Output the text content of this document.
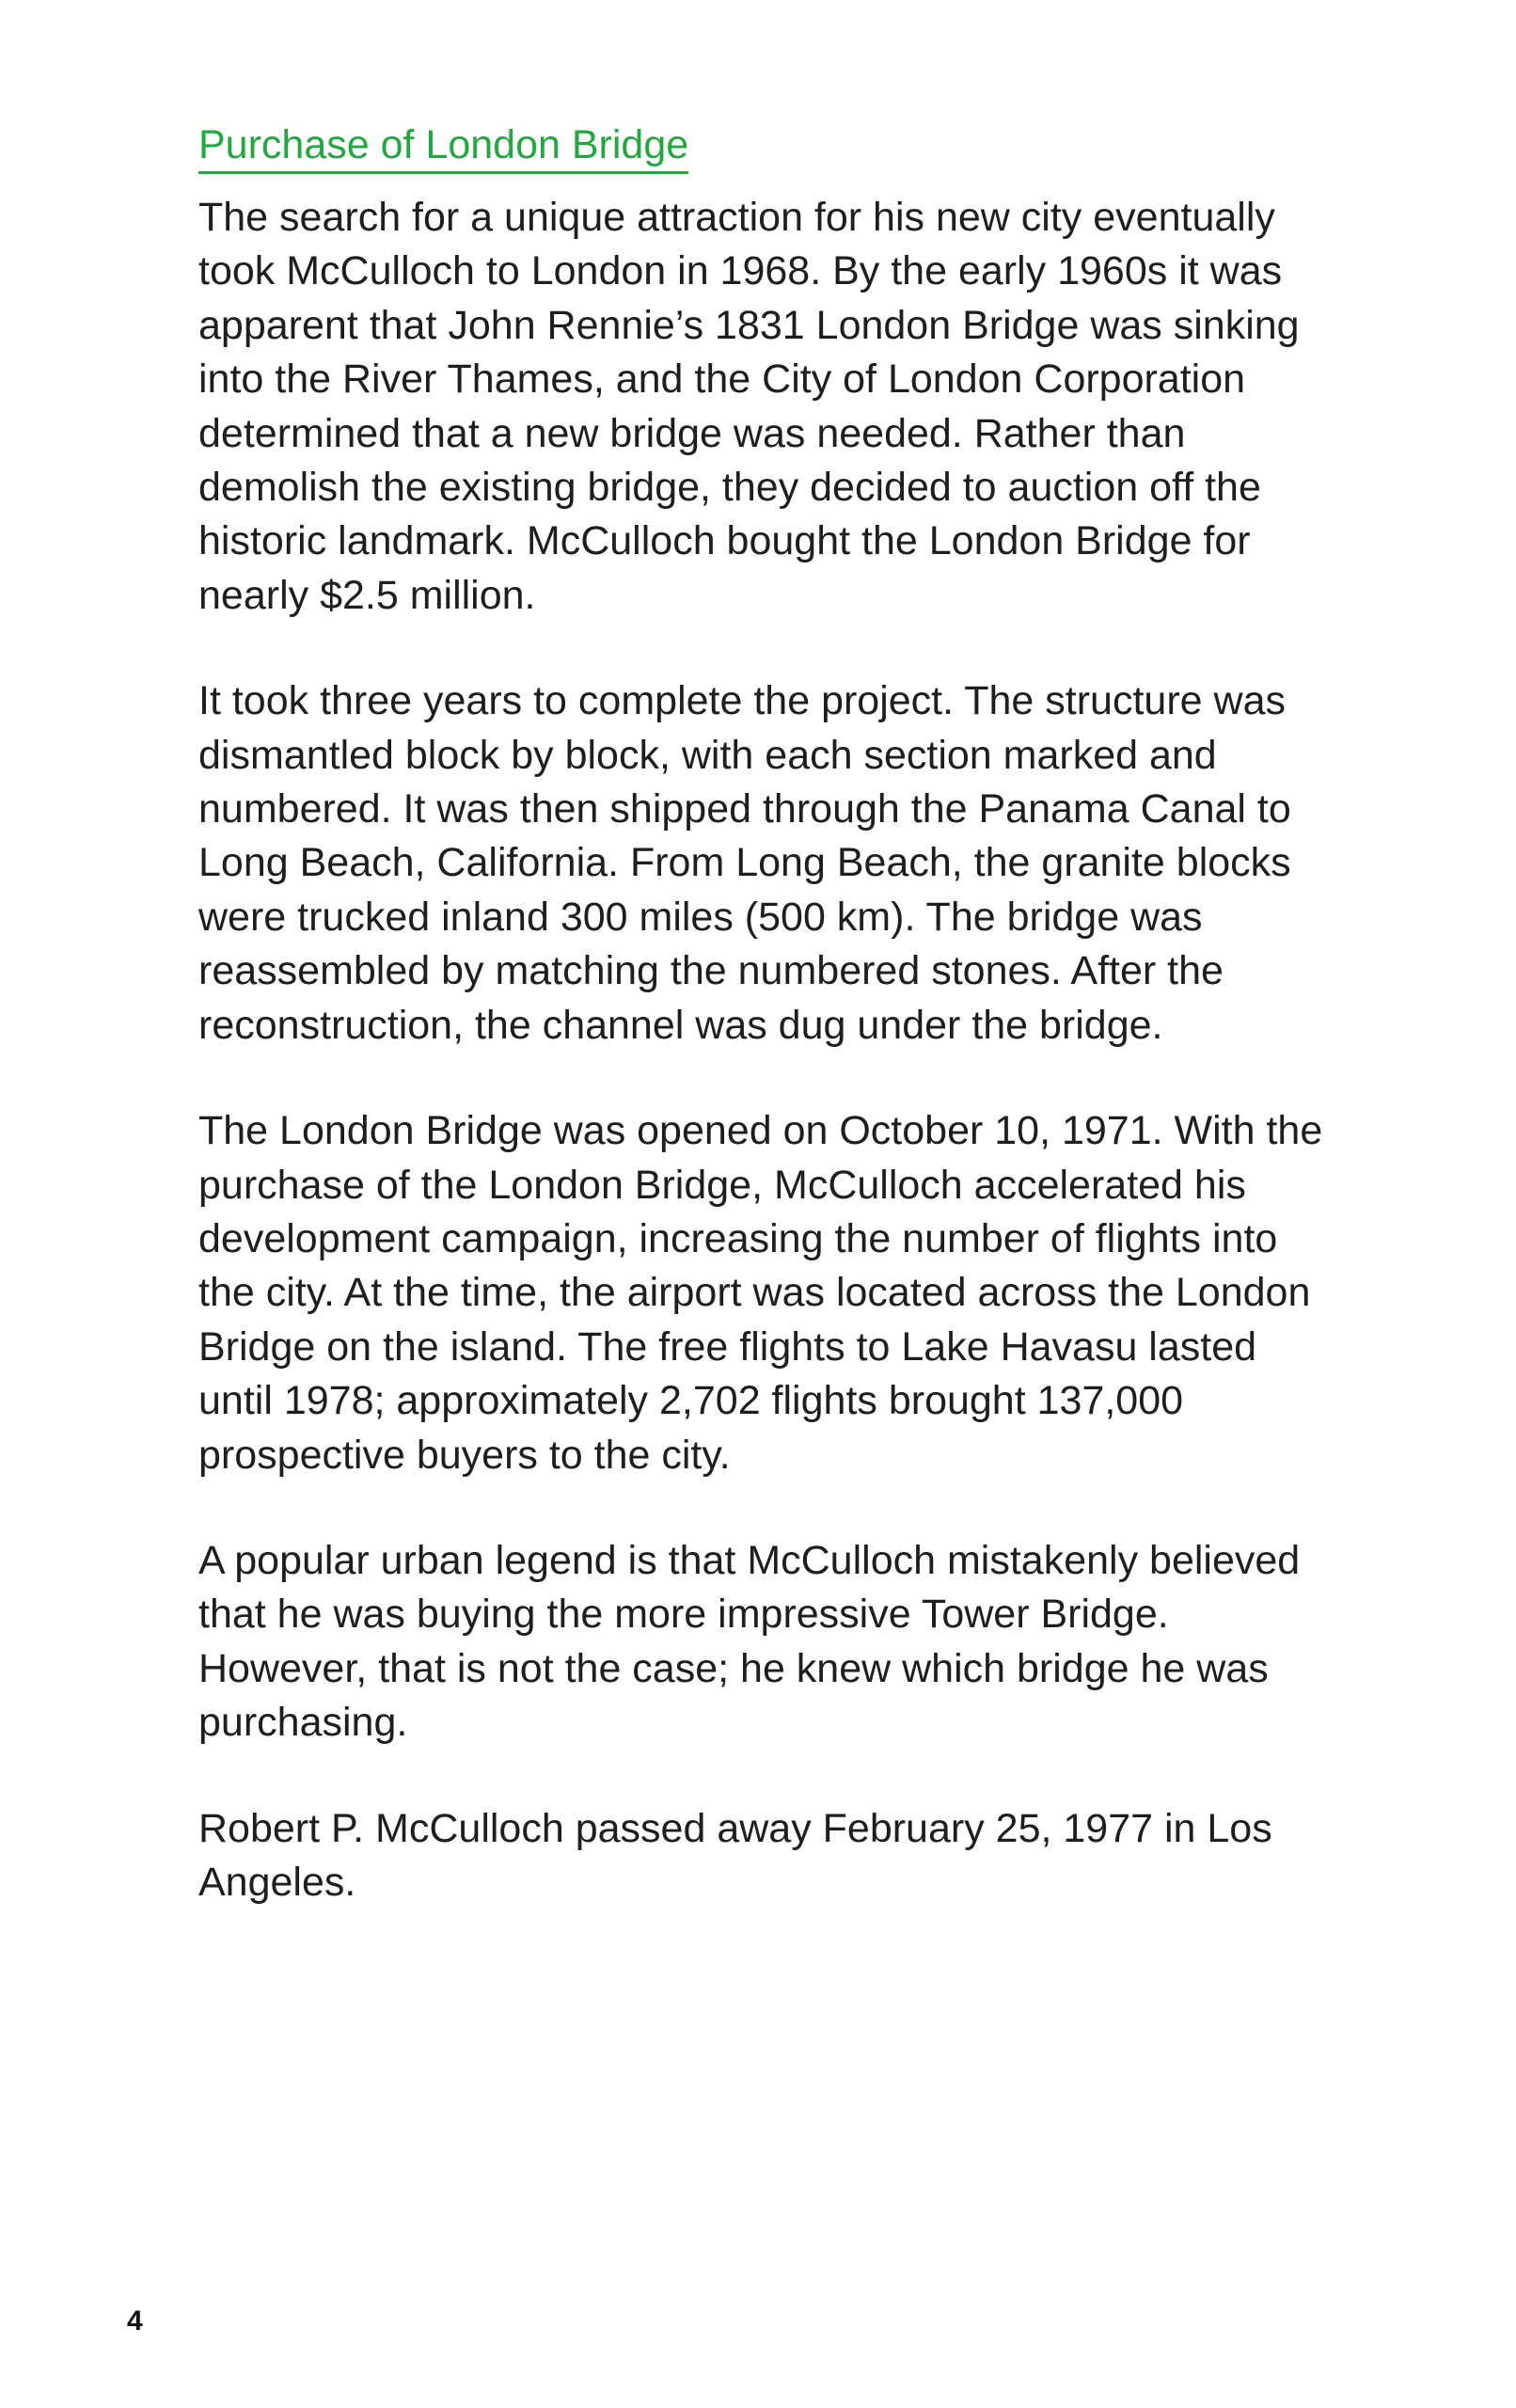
Purchase of London Bridge
The search for a unique attraction for his new city eventually
took McCulloch to London in 1968. By the early 1960s it was
apparent that John Rennie’s 1831 London Bridge was sinking
into the River Thames, and the City of London Corporation
determined that a new bridge was needed. Rather than
demolish the existing bridge, they decided to auction off the
historic landmark. McCulloch bought the London Bridge for
nearly $2.5 million.
It took three years to complete the project. The structure was
dismantled block by block, with each section marked and
numbered. It was then shipped through the Panama Canal to
Long Beach, California. From Long Beach, the granite blocks
were trucked inland 300 miles (500 km). The bridge was
reassembled by matching the numbered stones. After the
reconstruction, the channel was dug under the bridge.
The London Bridge was opened on October 10, 1971. With the
purchase of the London Bridge, McCulloch accelerated his
development campaign, increasing the number of flights into
the city. At the time, the airport was located across the London
Bridge on the island. The free flights to Lake Havasu lasted
until 1978; approximately 2,702 flights brought 137,000
prospective buyers to the city.
A popular urban legend is that McCulloch mistakenly believed
that he was buying the more impressive Tower Bridge.
However, that is not the case; he knew which bridge he was
purchasing.
Robert P. McCulloch passed away February 25, 1977 in Los
Angeles.
4
